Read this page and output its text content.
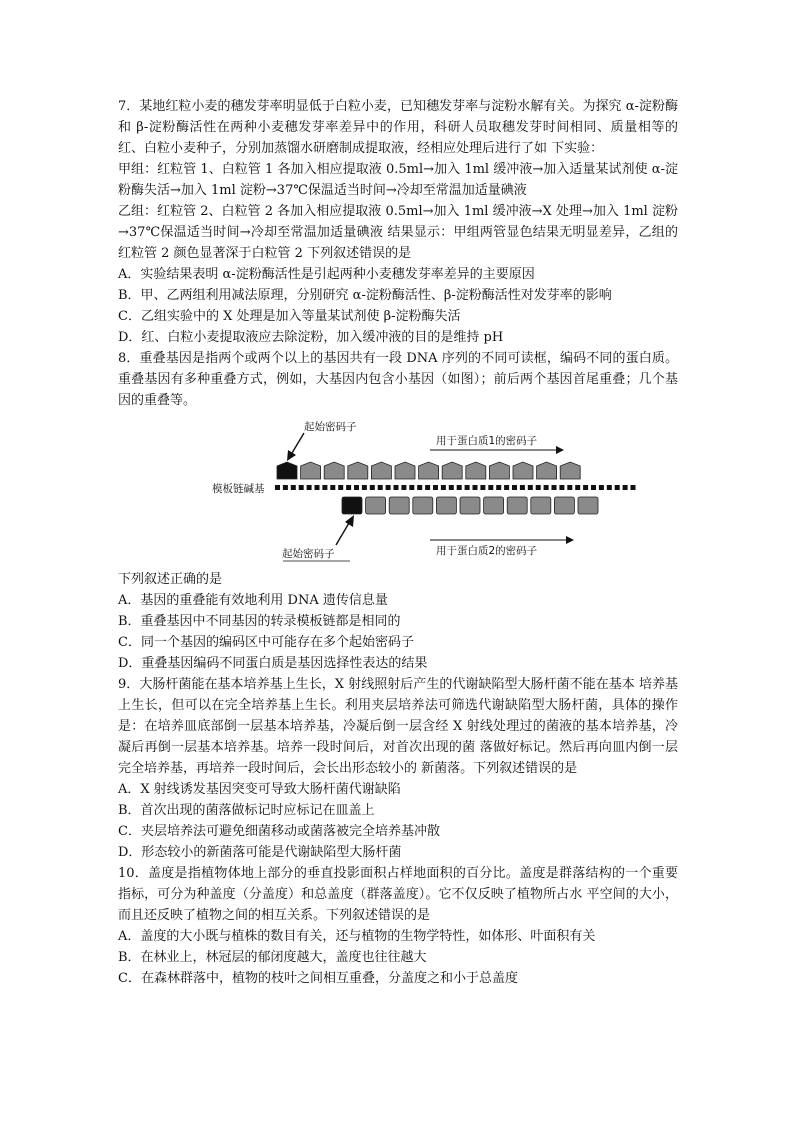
7．某地红粒小麦的穗发芽率明显低于白粒小麦，已知穗发芽率与淀粉水解有关。为探究 α-淀粉酶和 β-淀粉酶活性在两种小麦穗发芽率差异中的作用，科研人员取穗发芽时间相同、质量相等的红、白粒小麦种子，分别加蒸馏水研磨制成提取液，经相应处理后进行了如 下实验：

甲组：红粒管 1、白粒管 1 各加入相应提取液 0.5ml→加入 1ml 缓冲液→加入适量某试剂使 α-淀粉酶失活→加入 1ml 淀粉→37℃保温适当时间→冷却至常温加适量碘液

乙组：红粒管 2、白粒管 2 各加入相应提取液 0.5ml→加入 1ml 缓冲液→X 处理→加入 1ml 淀粉→37℃保温适当时间→冷却至常温加适量碘液 结果显示：甲组两管显色结果无明显差异，乙组的红粒管 2 颜色显著深于白粒管 2 下列叙述错误的是

A．实验结果表明 α-淀粉酶活性是引起两种小麦穗发芽率差异的主要原因

B．甲、乙两组利用减法原理，分别研究 α-淀粉酶活性、β-淀粉酶活性对发芽率的影响

C．乙组实验中的 X 处理是加入等量某试剂使 β-淀粉酶失活

D．红、白粒小麦提取液应去除淀粉，加入缓冲液的目的是维持 pH

8．重叠基因是指两个或两个以上的基因共有一段 DNA 序列的不同可读框，编码不同的蛋白质。重叠基因有多种重叠方式，例如，大基因内包含小基因（如图）；前后两个基因首尾重叠；几个基因的重叠等。

起始密码子
用于蛋白质1的密码子
模板链碱基
起始密码子	用于蛋白质2的密码子

下列叙述正确的是

A．基因的重叠能有效地利用 DNA 遗传信息量

B．重叠基因中不同基因的转录模板链都是相同的

C．同一个基因的编码区中可能存在多个起始密码子

D．重叠基因编码不同蛋白质是基因选择性表达的结果

9．大肠杆菌能在基本培养基上生长，X 射线照射后产生的代谢缺陷型大肠杆菌不能在基本 培养基上生长，但可以在完全培养基上生长。利用夹层培养法可筛选代谢缺陷型大肠杆菌，具体的操作是：在培养皿底部倒一层基本培养基，冷凝后倒一层含经 X 射线处理过的菌液的基本培养基，冷凝后再倒一层基本培养基。培养一段时间后，对首次出现的菌 落做好标记。然后再向皿内倒一层完全培养基，再培养一段时间后，会长出形态较小的 新菌落。下列叙述错误的是

A．X 射线诱发基因突变可导致大肠杆菌代谢缺陷

B．首次出现的菌落做标记时应标记在皿盖上

C．夹层培养法可避免细菌移动或菌落被完全培养基冲散

D．形态较小的新菌落可能是代谢缺陷型大肠杆菌

10．盖度是指植物体地上部分的垂直投影面积占样地面积的百分比。盖度是群落结构的一个重要指标，可分为种盖度（分盖度）和总盖度（群落盖度）。它不仅反映了植物所占水 平空间的大小，而且还反映了植物之间的相互关系。下列叙述错误的是

A．盖度的大小既与植株的数目有关，还与植物的生物学特性，如体形、叶面积有关

B．在林业上，林冠层的郁闭度越大，盖度也往往越大

C．在森林群落中，植物的枝叶之间相互重叠，分盖度之和小于总盖度
